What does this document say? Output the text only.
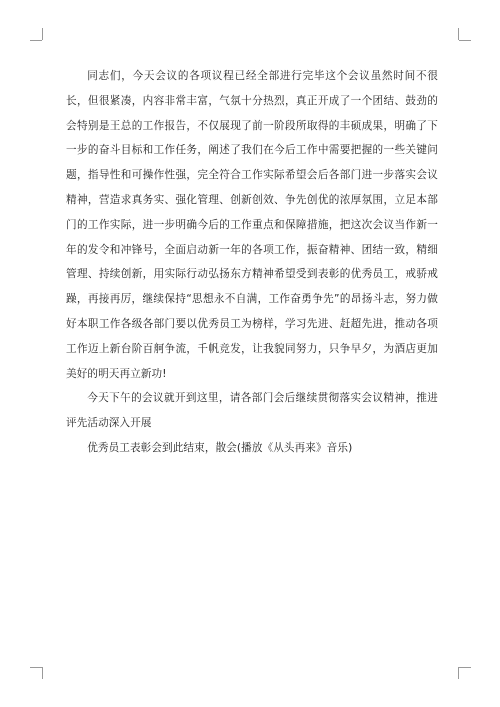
同志们，今天会议的各项议程已经全部进行完毕这个会议虽然时间不很长，但很紧凑，内容非常丰富，气氛十分热烈，真正开成了一个团结、鼓劲的会特别是王总的工作报告，不仅展现了前一阶段所取得的丰硕成果，明确了下一步的奋斗目标和工作任务，阐述了我们在今后工作中需要把握的一些关键问题，指导性和可操作性强，完全符合工作实际希望会后各部门进一步落实会议精神，营造求真务实、强化管理、创新创效、争先创优的浓厚氛围，立足本部门的工作实际，进一步明确今后的工作重点和保障措施，把这次会议当作新一年的发令和冲锋号，全面启动新一年的各项工作，振奋精神、团结一致，精细管理、持续创新，用实际行动弘扬东方精神希望受到表彰的优秀员工，戒骄戒躁，再接再厉，继续保持“思想永不自满，工作奋勇争先”的昂扬斗志，努力做好本职工作各级各部门要以优秀员工为榜样，学习先进、赶超先进，推动各项工作迈上新台阶百舸争流，千帆竞发，让我貌同努力，只争早夕，为酒店更加美好的明天再立新功!

今天下午的会议就开到这里，请各部门会后继续贯彻落实会议精神，推进评先活动深入开展

优秀员工表彰会到此结束，散会(播放《从头再来》音乐)
